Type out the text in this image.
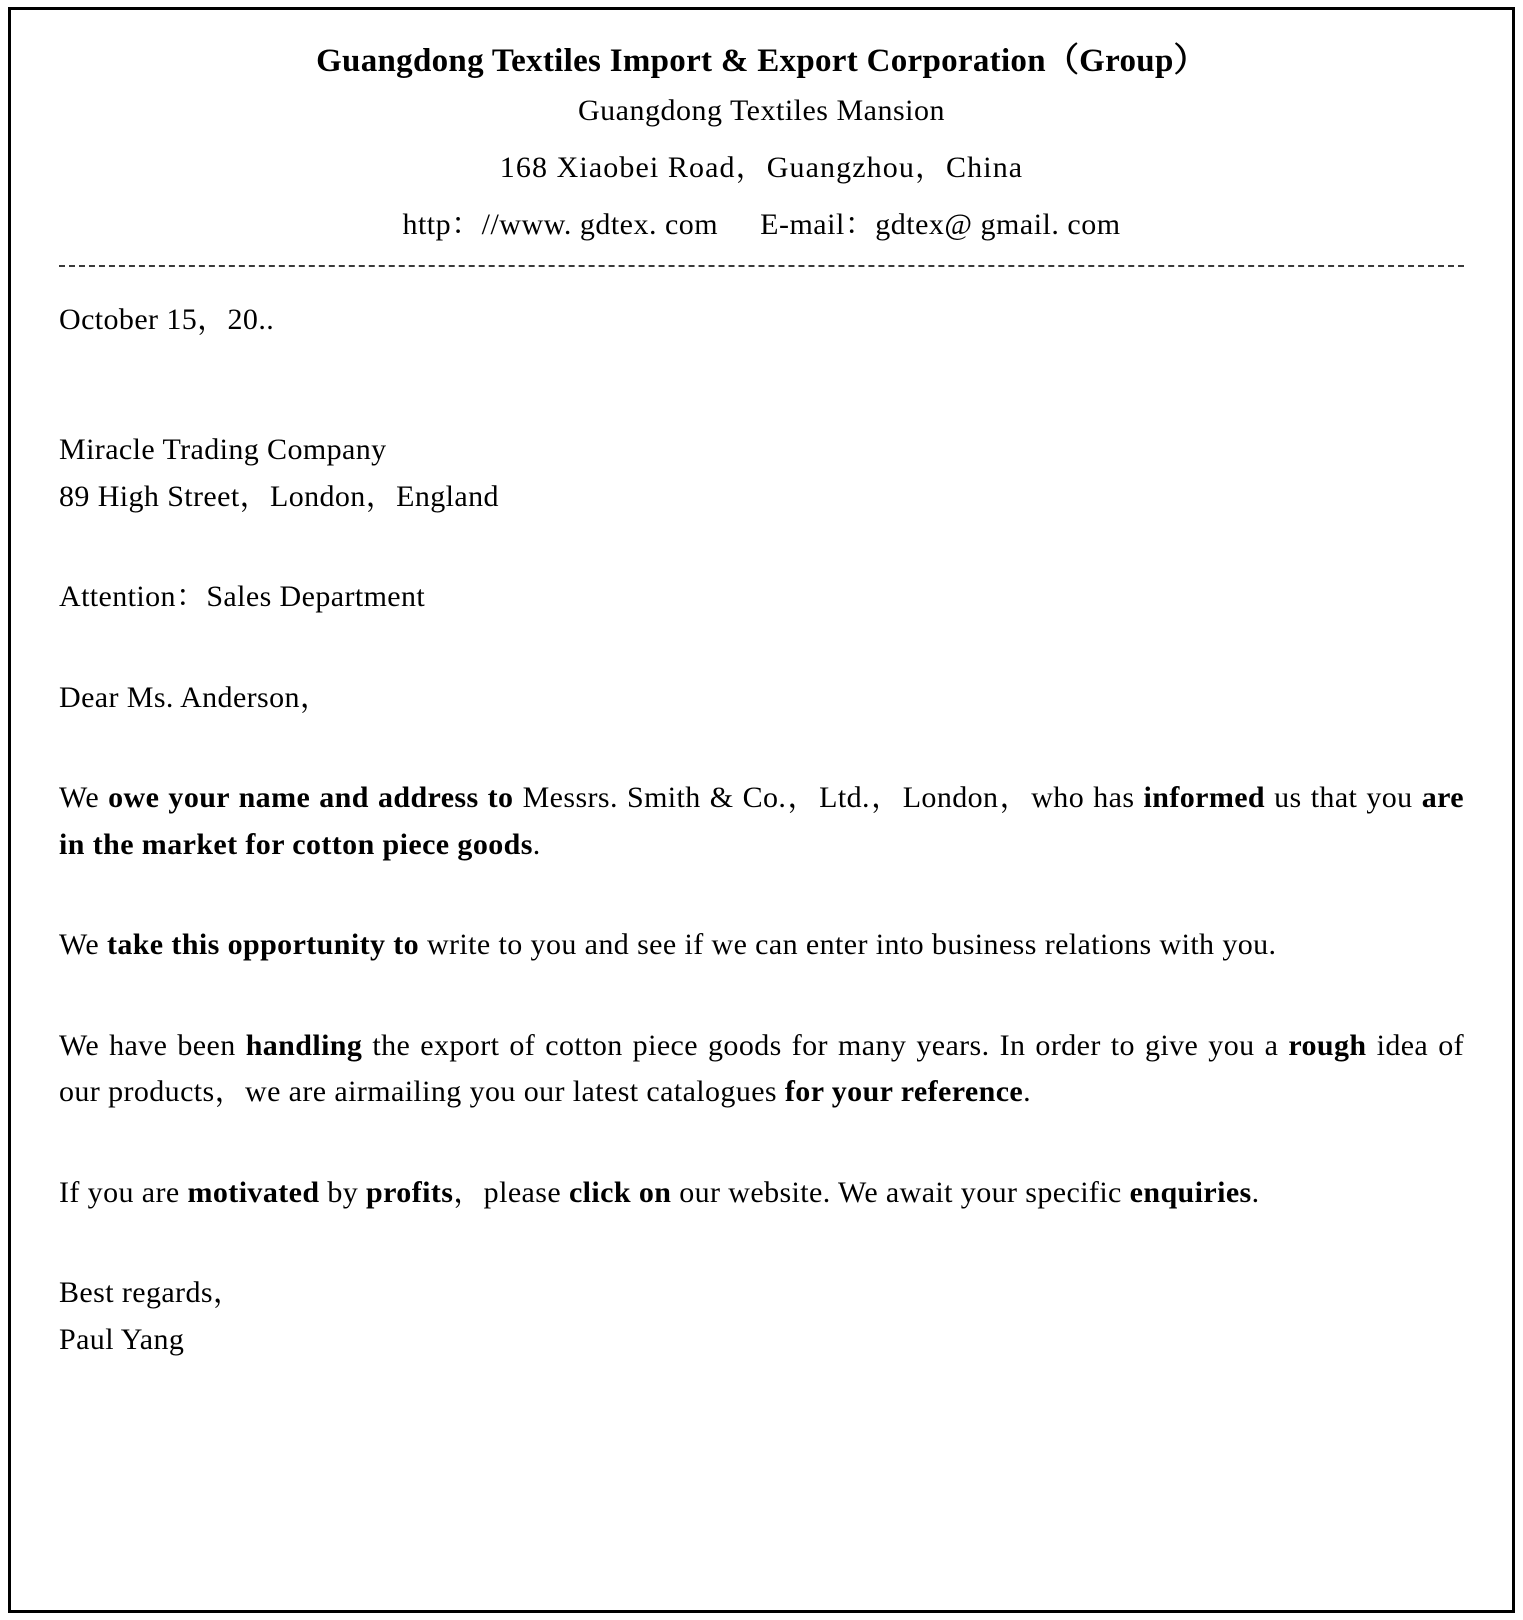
Guangdong Textiles Import & Export Corporation（Group）
Guangdong Textiles Mansion
168 Xiaobei Road，Guangzhou，China
http：//www. gdtex. com E-mail：gdtex@ gmail. com

October 15，20..

Miracle Trading Company

89 High Street，London，England

Attention：Sales Department

Dear Ms. Anderson，

We owe your name and address to Messrs. Smith & Co.，Ltd.，London，who has informed us that you are in the market for cotton piece goods.

We take this opportunity to write to you and see if we can enter into business relations with you.

We have been handling the export of cotton piece goods for many years. In order to give you a rough idea of our products，we are airmailing you our latest catalogues for your reference.

If you are motivated by profits，please click on our website. We await your specific enquiries.

Best regards，

Paul Yang
